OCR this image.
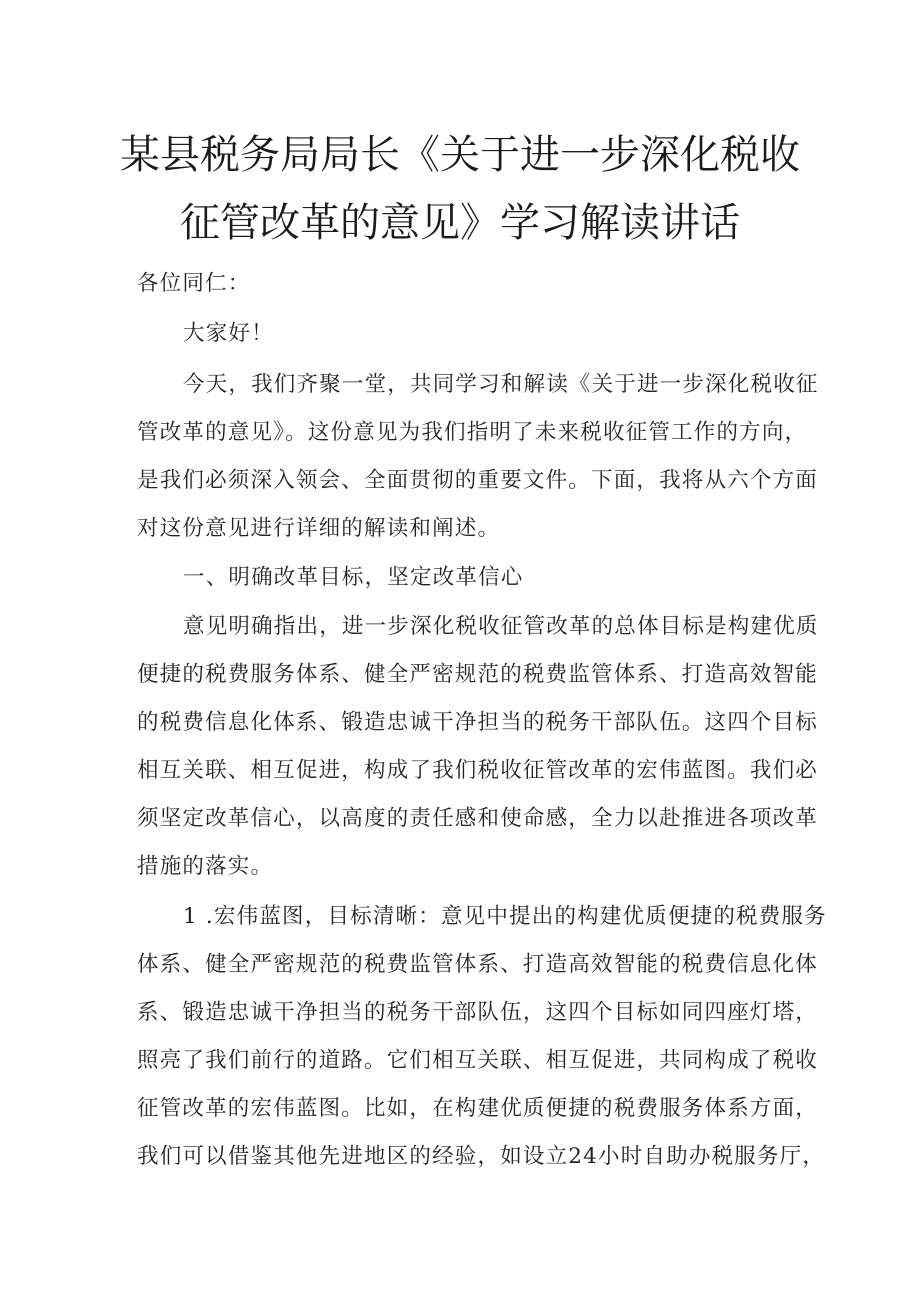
某县税务局局长《关于进一步深化税收
征管改革的意见》学习解读讲话
各位同仁：
大家好！
今天，我们齐聚一堂，共同学习和解读《关于进一步深化税收征
管改革的意见》。这份意见为我们指明了未来税收征管工作的方向，
是我们必须深入领会、全面贯彻的重要文件。下面，我将从六个方面
对这份意见进行详细的解读和阐述。
一、明确改革目标，坚定改革信心
意见明确指出，进一步深化税收征管改革的总体目标是构建优质
便捷的税费服务体系、健全严密规范的税费监管体系、打造高效智能
的税费信息化体系、锻造忠诚干净担当的税务干部队伍。这四个目标
相互关联、相互促进，构成了我们税收征管改革的宏伟蓝图。我们必
须坚定改革信心，以高度的责任感和使命感，全力以赴推进各项改革
措施的落实。
1 .宏伟蓝图，目标清晰：意见中提出的构建优质便捷的税费服务
体系、健全严密规范的税费监管体系、打造高效智能的税费信息化体
系、锻造忠诚干净担当的税务干部队伍，这四个目标如同四座灯塔，
照亮了我们前行的道路。它们相互关联、相互促进，共同构成了税收
征管改革的宏伟蓝图。比如，在构建优质便捷的税费服务体系方面，
我们可以借鉴其他先进地区的经验，如设立24小时自助办税服务厅，
